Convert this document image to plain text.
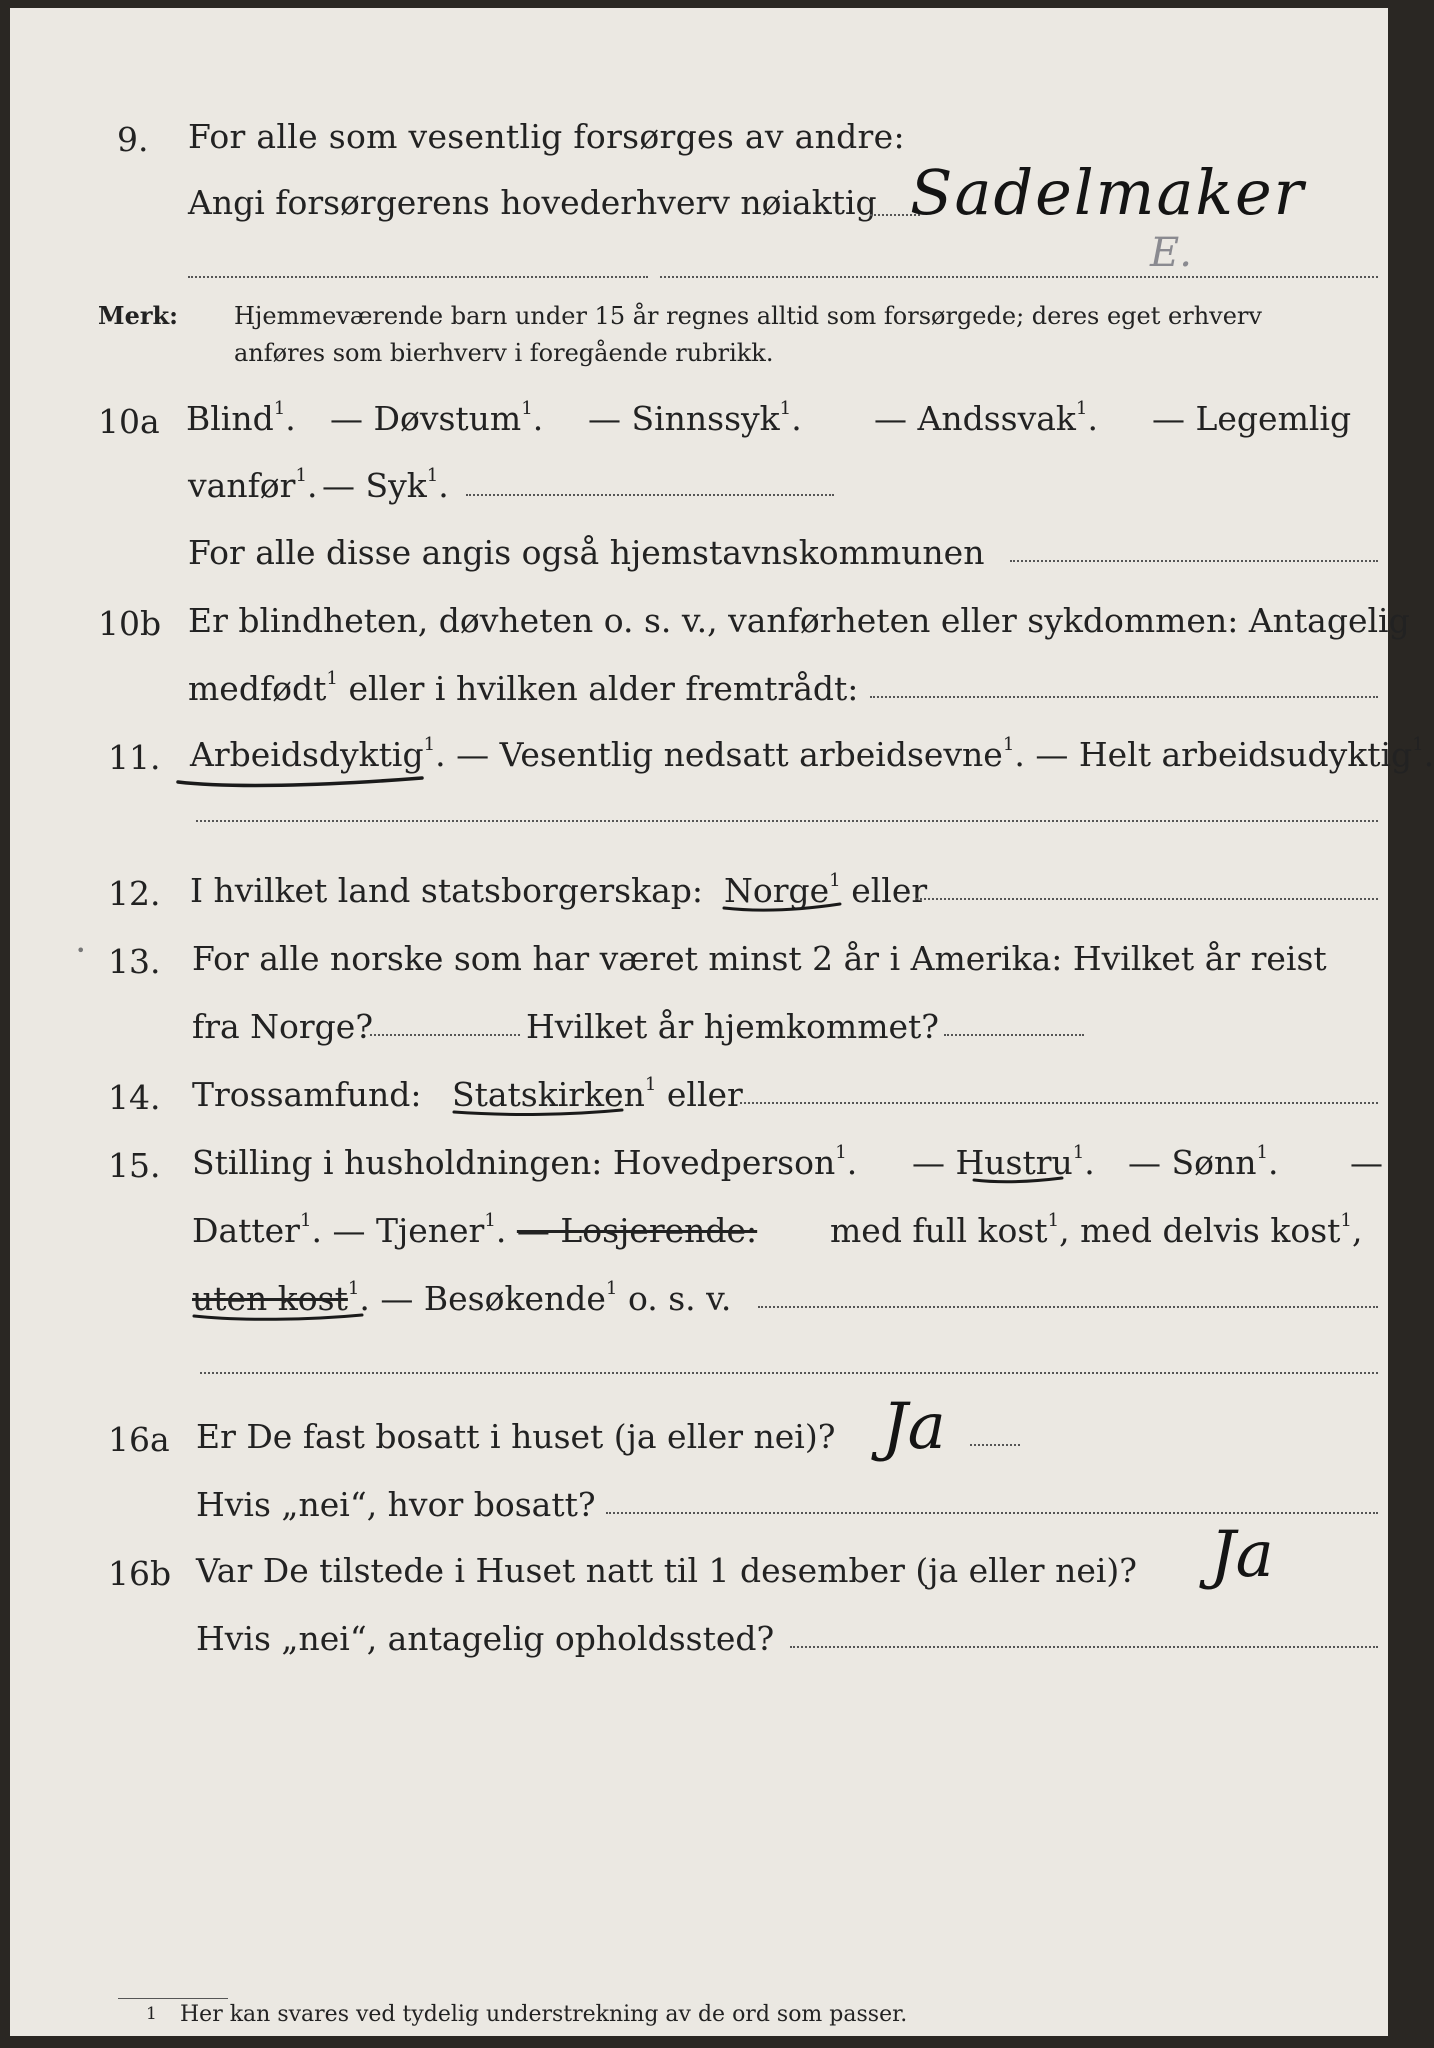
9. For alle som vesentlig forsørges av andre:
Angi forsørgerens hovederhverv nøiaktig Sadelmaker
E.
Merk: Hjemmeværende barn under 15 år regnes alltid som forsørgede; deres eget erhverv
anføres som bierhverv i foregående rubrikk.
10a Blind$^1$. — Døvstum$^1$. — Sinnssyk$^1$. — Andssvak$^1$. — Legemlig
vanfør$^1$. — Syk$^1$.
For alle disse angis også hjemstavnskommunen
10b Er blindheten, døvheten o. s. v., vanførheten eller sykdommen: Antagelig
medfødt$^1$ eller i hvilken alder fremtrådt:
11. Arbeidsdyktig$^1$. — Vesentlig nedsatt arbeidsevne$^1$. — Helt arbeidsudyktig$^1$.
12. I hvilket land statsborgerskap: Norge$^1$ eller
• 13. For alle norske som har været minst 2 år i Amerika: Hvilket år reist
fra Norge?	Hvilket år hjemkommet?
14. Trossamfund: Statskirken$^1$ eller
15. Stilling i husholdningen: Hovedperson$^1$. — Hustru$^1$. — Sønn$^1$. —
Datter$^1$. — Tjener$^1$. — Losjerende: med full kost$^1$, med delvis kost$^1$,
uten kost$^1$. — Besøkende$^1$ o. s. v.
16a Er De fast bosatt i huset (ja eller nei)? Ja
Hvis „nei“, hvor bosatt?
16b Var De tilstede i Huset natt til 1 desember (ja eller nei)? Ja
Hvis „nei“, antagelig opholdssted?
1 Her kan svares ved tydelig understrekning av de ord som passer.
